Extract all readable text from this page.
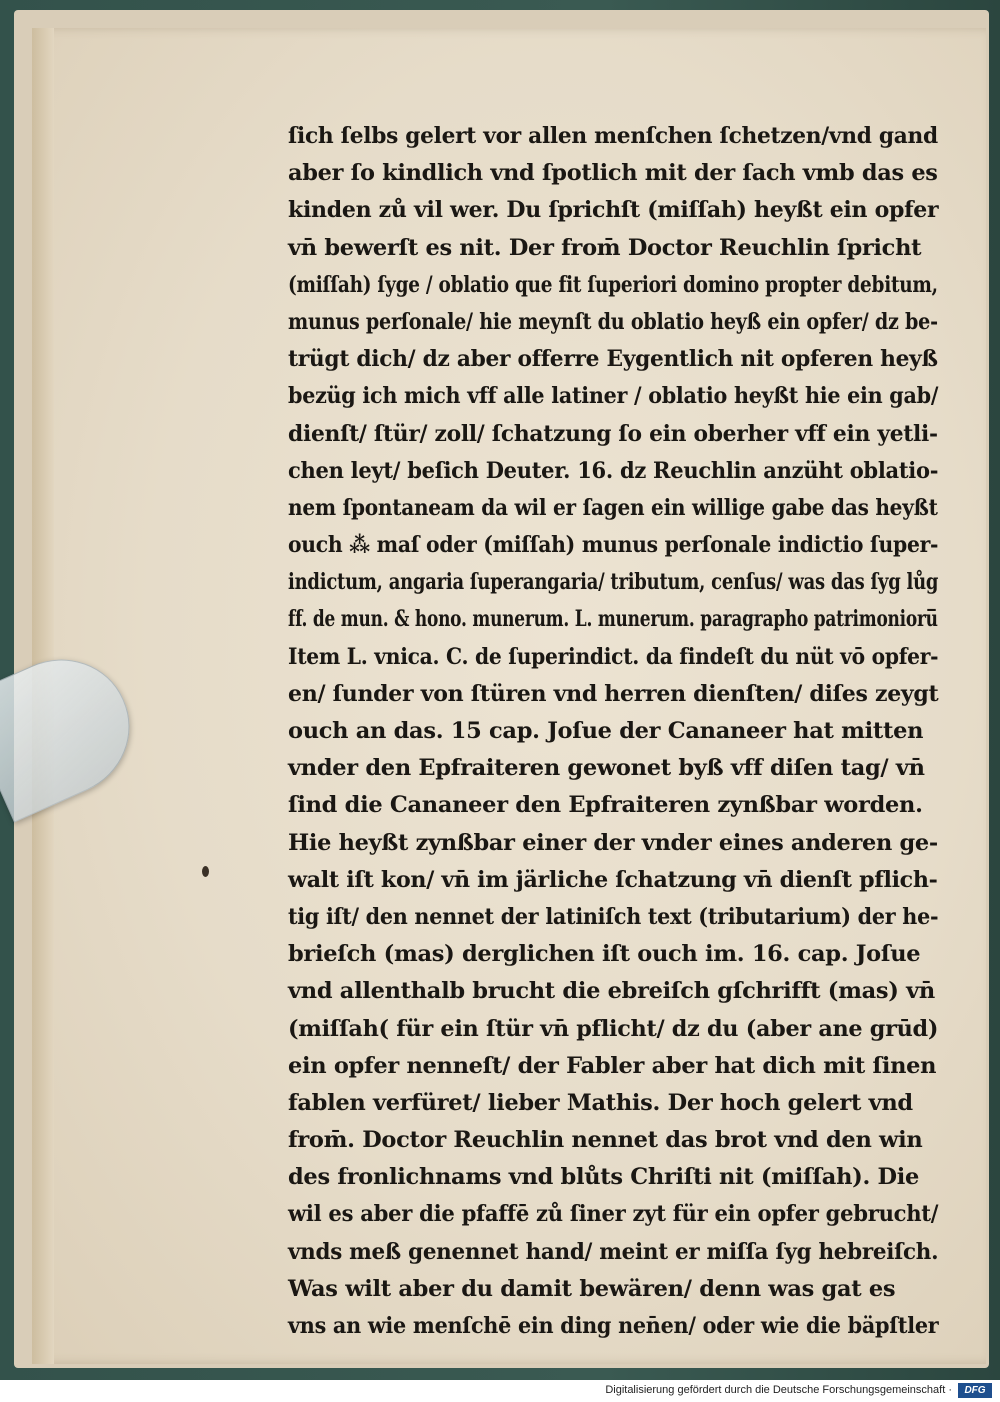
ſich ſelbs gelert vor allen menſchen ſchetzen/vnd gand
aber ſo kindlich vnd ſpotlich mit der ſach vmb das es
kinden zů vil wer. Du ſprichſt (miſſah) heyßt ein opfer
vn̄ bewerſt es nit. Der from̄ Doctor Reuchlin ſpricht
(miſſah) ſyge / oblatio que fit ſuperiori domino propter debitum,
munus perſonale/ hie meynſt du oblatio heyß ein opfer/ dz be-
trügt dich/ dz aber offerre Eygentlich nit opferen heyß
bezüg ich mich vff alle latiner / oblatio heyßt hie ein gab/
dienſt/ ſtür/ zoll/ ſchatzung ſo ein oberher vff ein yetli-
chen leyt/ beſich Deuter. 16. dz Reuchlin anzüht oblatio-
nem ſpontaneam da wil er ſagen ein willige gabe das heyßt
ouch ⁂ maſ oder (miſſah) munus perſonale indictio ſuper-
indictum, angaria ſuperangaria/ tributum, cenſus/ was das ſyg lůg
ff. de mun. & hono. munerum. L. munerum. paragrapho patrimonioru̅
Item L. vnica. C. de ſuperindict. da findeſt du nüt vō opfer-
en/ ſunder von ſtüren vnd herren dienſten/ diſes zeygt
ouch an das. 15 cap. Joſue der Cananeer hat mitten
vnder den Epfraiteren gewonet byß vff diſen tag/ vn̄
ſind die Cananeer den Epfraiteren zynßbar worden.
Hie heyßt zynßbar einer der vnder eines anderen ge-
walt iſt kon/ vn̄ im järliche ſchatzung vn̄ dienſt pflich-
tig iſt/ den nennet der latiniſch text (tributarium) der he-
brieſch (mas) derglichen iſt ouch im. 16. cap. Joſue
vnd allenthalb brucht die ebreiſch gſchrifft (mas) vn̄
(miſſah( für ein ſtür vn̄ pflicht/ dz du (aber ane grūd)
ein opfer nenneſt/ der Fabler aber hat dich mit ſinen
fablen verfüret/ lieber Mathis. Der hoch gelert vnd
from̄. Doctor Reuchlin nennet das brot vnd den win
des fronlichnams vnd blůts Chriſti nit (miſſah). Die
wil es aber die pfaffē zů ſiner zyt für ein opfer gebrucht/
vnds meß genennet hand/ meint er miſſa ſyg hebreiſch.
Was wilt aber du damit bewären/ denn was gat es
vns an wie menſchē ein ding nen̄en/ oder wie die bäpſtler
Digitalisierung gefördert durch die Deutsche Forschungsgemeinschaft ·	DFG
